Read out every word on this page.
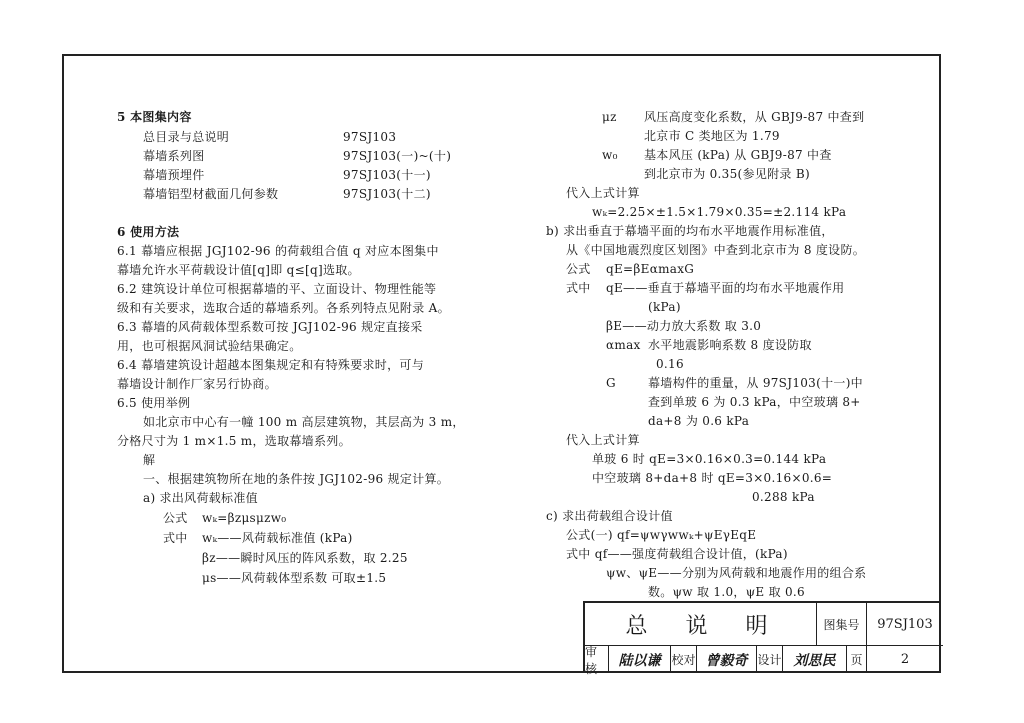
5 本图集内容
总目录与总说明	97SJ103
幕墙系列图	97SJ103(一)~(十)
幕墙预埋件	97SJ103(十一)
幕墙铝型材截面几何参数	97SJ103(十二)
6 使用方法
6.1 幕墙应根据 JGJ102-96 的荷载组合值 q 对应本图集中
幕墙允许水平荷载设计值[q]即 q≤[q]选取。
6.2 建筑设计单位可根据幕墙的平、立面设计、物理性能等
级和有关要求，选取合适的幕墙系列。各系列特点见附录 A。
6.3 幕墙的风荷载体型系数可按 JGJ102-96 规定直接采
用，也可根据风洞试验结果确定。
6.4 幕墙建筑设计超越本图集规定和有特殊要求时，可与
幕墙设计制作厂家另行协商。
6.5 使用举例
如北京市中心有一幢 100 m 高层建筑物，其层高为 3 m，
分格尺寸为 1 m×1.5 m，选取幕墙系列。
解
一、根据建筑物所在地的条件按 JGJ102-96 规定计算。
a) 求出风荷载标准值
公式 wₖ=βzμsμzw₀
式中 wₖ——风荷载标准值 (kPa)
βz——瞬时风压的阵风系数，取 2.25
μs——风荷载体型系数 可取±1.5
μz 风压高度变化系数，从 GBJ9-87 中查到
北京市 C 类地区为 1.79
w₀ 基本风压 (kPa) 从 GBJ9-87 中查
到北京市为 0.35(参见附录 B)
代入上式计算
wₖ=2.25×±1.5×1.79×0.35=±2.114 kPa
b) 求出垂直于幕墙平面的均布水平地震作用标准值，
从《中国地震烈度区划图》中查到北京市为 8 度设防。
公式 qE=βEαmaxG
式中 qE——垂直于幕墙平面的均布水平地震作用
(kPa)
βE——动力放大系数 取 3.0
αmax 水平地震影响系数 8 度设防取
0.16
G	幕墙构件的重量，从 97SJ103(十一)中
查到单玻 6 为 0.3 kPa，中空玻璃 8+
da+8 为 0.6 kPa
代入上式计算
单玻 6 时 qE=3×0.16×0.3=0.144 kPa
中空玻璃 8+da+8 时 qE=3×0.16×0.6=
0.288 kPa
c) 求出荷载组合设计值
公式(一) qf=ψwγwwₖ+ψEγEqE
式中 qf——强度荷载组合设计值，(kPa)
ψw、ψE——分别为风荷载和地震作用的组合系
数。ψw 取 1.0，ψE 取 0.6
总说明	图集号	97SJ103
审核	陆以谦 校对 曾毅奇 设计 刘思民 页	2
